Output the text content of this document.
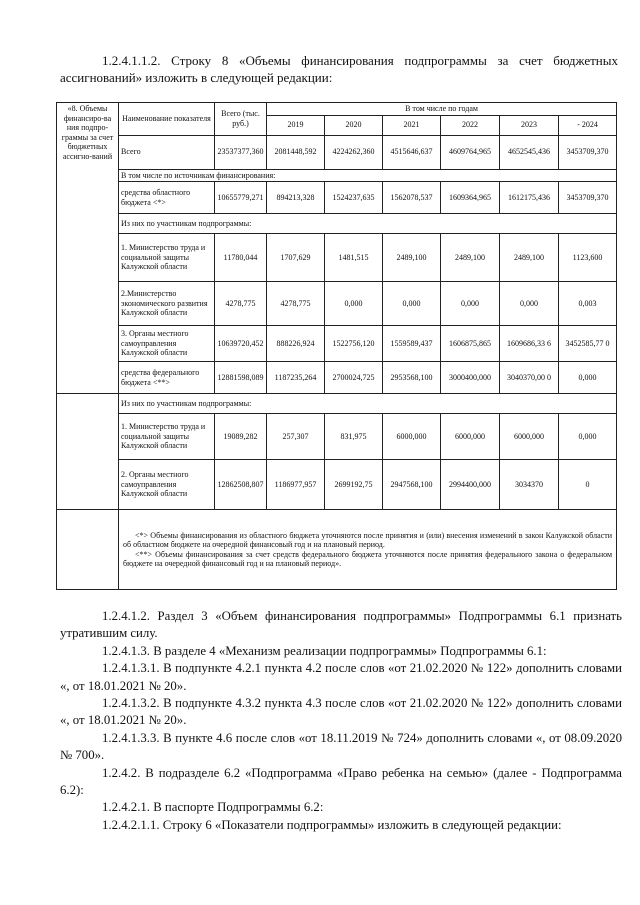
1.2.4.1.1.2. Строку 8 «Объемы финансирования подпрограммы за счет бюджетных ассигнований» изложить в следующей редакции:
«8. Объемы финансиро-ва ния подпро-граммы за счет бюджетных ассигно-ваний	Наименование показателя	Всего (тыс. руб.)	В том числе по годам					
			2019	2020	2021	2022	2023	- 2024
	Всего	23537377,360	2081448,592	4224262,360	4515646,637	4609764,965	4652545,436	3453709,370
	В том числе по источникам финансирования:							
	средства областного бюджета <*>	10655779,271	894213,328	1524237,635	1562078,537	1609364,965	1612175,436	3453709,370
	Из них по участникам подпрограммы:							
	1. Министерство труда и социальной защиты Калужской области	11780,044	1707,629	1481,515	2489,100	2489,100	2489,100	1123,600
	2.Министерство экономического развития Калужской области	4278,775	4278,775	0,000	0,000	0,000	0,000	0,003
	3. Органы местного самоуправления Калужской области	10639720,452	888226,924	1522756,120	1559589,437	1606875,865	1609686,33 6	3452585,77 0
	средства федерального бюджета <**>	12881598,089	1187235,264	2700024,725	2953568,100	3000400,000	3040370,00 0	0,000
	Из них по участникам подпрограммы:							
	1. Министерство труда и социальной защиты Калужской области	19089,282	257,307	831,975	6000,000	6000,000	6000,000	0,000
	2. Органы местного самоуправления Калужской области	12862508,807	1186977,957	2699192,75	2947568,100	2994400,000	3034370	0

	<*> Объемы финансирования из областного бюджета уточняются после принятия и (или) внесения изменений в закон Калужской области об областном бюджете на очередной финансовый год и на плановый период.
<**> Объемы финансирования за счет средств федерального бюджета уточняются после принятия федерального закона о федеральном бюджете на очередной финансовый год и на плановый период».							

1.2.4.1.2. Раздел 3 «Объем финансирования подпрограммы» Подпрограммы 6.1 признать утратившим силу.

1.2.4.1.3. В разделе 4 «Механизм реализации подпрограммы» Подпрограммы 6.1:

1.2.4.1.3.1. В подпункте 4.2.1 пункта 4.2 после слов «от 21.02.2020 № 122» дополнить словами «, от 18.01.2021 № 20».

1.2.4.1.3.2. В подпункте 4.3.2 пункта 4.3 после слов «от 21.02.2020 № 122» дополнить словами «, от 18.01.2021 № 20».

1.2.4.1.3.3. В пункте 4.6 после слов «от 18.11.2019 № 724» дополнить словами «, от 08.09.2020 № 700».

1.2.4.2. В подразделе 6.2 «Подпрограмма «Право ребенка на семью» (далее - Подпрограмма 6.2):

1.2.4.2.1. В паспорте Подпрограммы 6.2:

1.2.4.2.1.1. Строку 6 «Показатели подпрограммы» изложить в следующей редакции:
